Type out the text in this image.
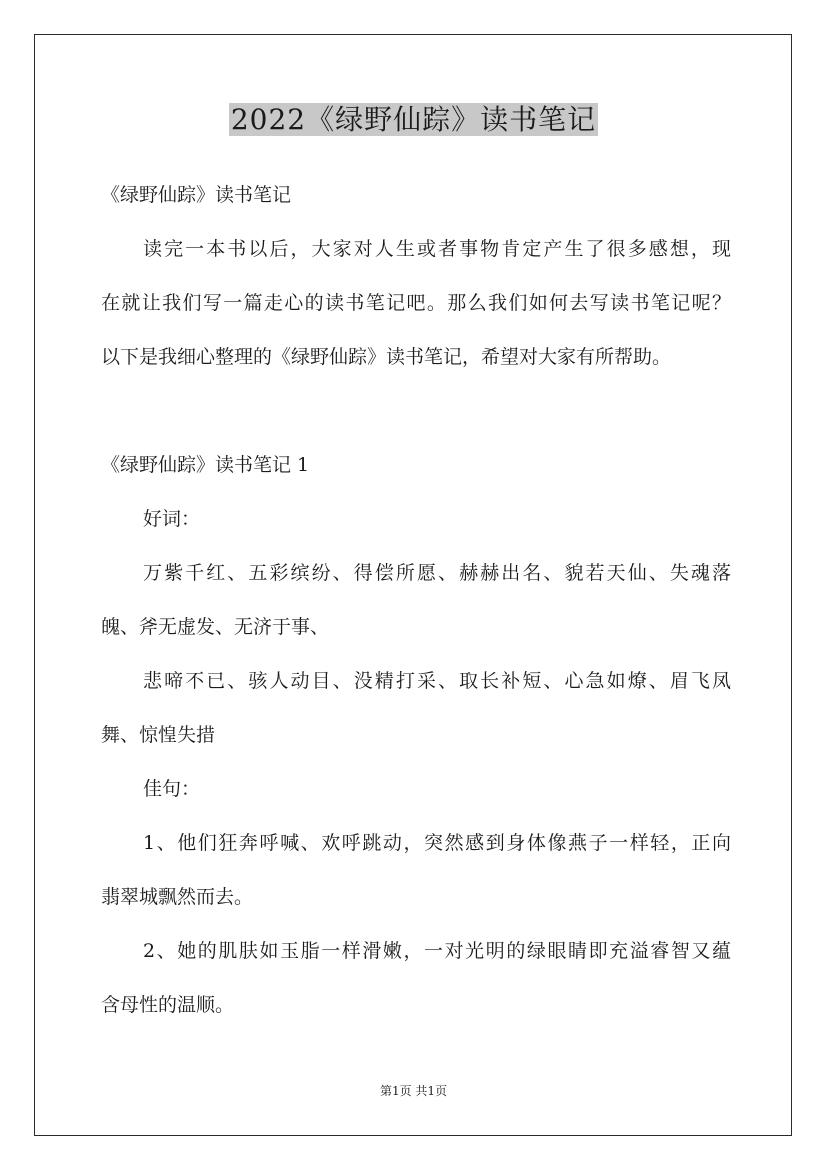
2022《绿野仙踪》读书笔记

《绿野仙踪》读书笔记

读完一本书以后，大家对人生或者事物肯定产生了很多感想，现

在就让我们写一篇走心的读书笔记吧。那么我们如何去写读书笔记呢？

以下是我细心整理的《绿野仙踪》读书笔记，希望对大家有所帮助。

《绿野仙踪》读书笔记 1

好词：

万紫千红、五彩缤纷、得偿所愿、赫赫出名、貌若天仙、失魂落

魄、斧无虚发、无济于事、

悲啼不已、骇人动目、没精打采、取长补短、心急如燎、眉飞凤

舞、惊惶失措

佳句：

1、他们狂奔呼喊、欢呼跳动，突然感到身体像燕子一样轻，正向

翡翠城飘然而去。

2、她的肌肤如玉脂一样滑嫩，一对光明的绿眼睛即充溢睿智又蕴

含母性的温顺。

第1页 共1页
